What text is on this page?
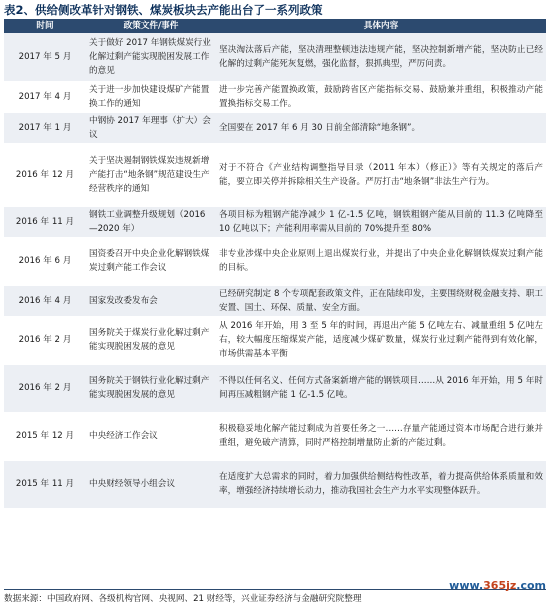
表2、供给侧改革针对钢铁、煤炭板块去产能出台了一系列政策
时间	政策文件/事件	具体内容
2017 年 5 月	关于做好 2017 年钢铁煤炭行业化解过剩产能实现脱困发展工作的意见	坚决淘汰落后产能，坚决清理整顿违法违规产能，坚决控制新增产能，坚决防止已经化解的过剩产能死灰复燃，强化监督，狠抓典型，严厉问责。
2017 年 4 月	关于进一步加快建设煤矿产能置换工作的通知	进一步完善产能置换政策，鼓励跨省区产能指标交易、鼓励兼并重组，积极推动产能置换指标交易工作。
2017 年 1 月	中钢协 2017 年理事（扩大）会议	全国要在 2017 年 6 月 30 日前全部清除“地条钢”。
2016 年 12 月	关于坚决遏制钢铁煤炭违规新增产能打击“地条钢”规范建设生产经营秩序的通知	对于不符合《产业结构调整指导目录（2011 年本）（修正）》等有关规定的落后产能，要立即关停并拆除相关生产设备。严厉打击“地条钢”非法生产行为。
2016 年 11 月	钢铁工业调整升级规划（2016—2020 年）	各项目标为粗钢产能净减少 1 亿-1.5 亿吨，钢铁粗钢产能从目前的 11.3 亿吨降至 10 亿吨以下；产能利用率需从目前的 70%提升至 80%
2016 年 6 月	国资委召开中央企业化解钢铁煤炭过剩产能工作会议	非专业涉煤中央企业原则上退出煤炭行业，并提出了中央企业化解钢铁煤炭过剩产能的目标。
2016 年 4 月	国家发改委发布会	已经研究制定 8 个专项配套政策文件，正在陆续印发，主要围绕财税金融支持、职工安置、国土、环保、质量、安全方面。
2016 年 2 月	国务院关于煤炭行业化解过剩产能实现脱困发展的意见	从 2016 年开始，用 3 至 5 年的时间，再退出产能 5 亿吨左右、减量重组 5 亿吨左右，较大幅度压缩煤炭产能，适度减少煤矿数量，煤炭行业过剩产能得到有效化解，市场供需基本平衡
2016 年 2 月	国务院关于钢铁行业化解过剩产能实现脱困发展的意见	不得以任何名义、任何方式备案新增产能的钢铁项目……从 2016 年开始，用 5 年时间再压减粗钢产能 1 亿-1.5 亿吨。
2015 年 12 月	中央经济工作会议	积极稳妥地化解产能过剩成为首要任务之一……存量产能通过资本市场配合进行兼并重组，避免破产清算，同时严格控制增量防止新的产能过剩。
2015 年 11 月	中央财经领导小组会议	在适度扩大总需求的同时，着力加强供给侧结构性改革，着力提高供给体系质量和效率，增强经济持续增长动力，推动我国社会生产力水平实现整体跃升。
数据来源：中国政府网、各级机构官网、央视网、21 财经等，兴业证券经济与金融研究院整理
www.365jz.com
